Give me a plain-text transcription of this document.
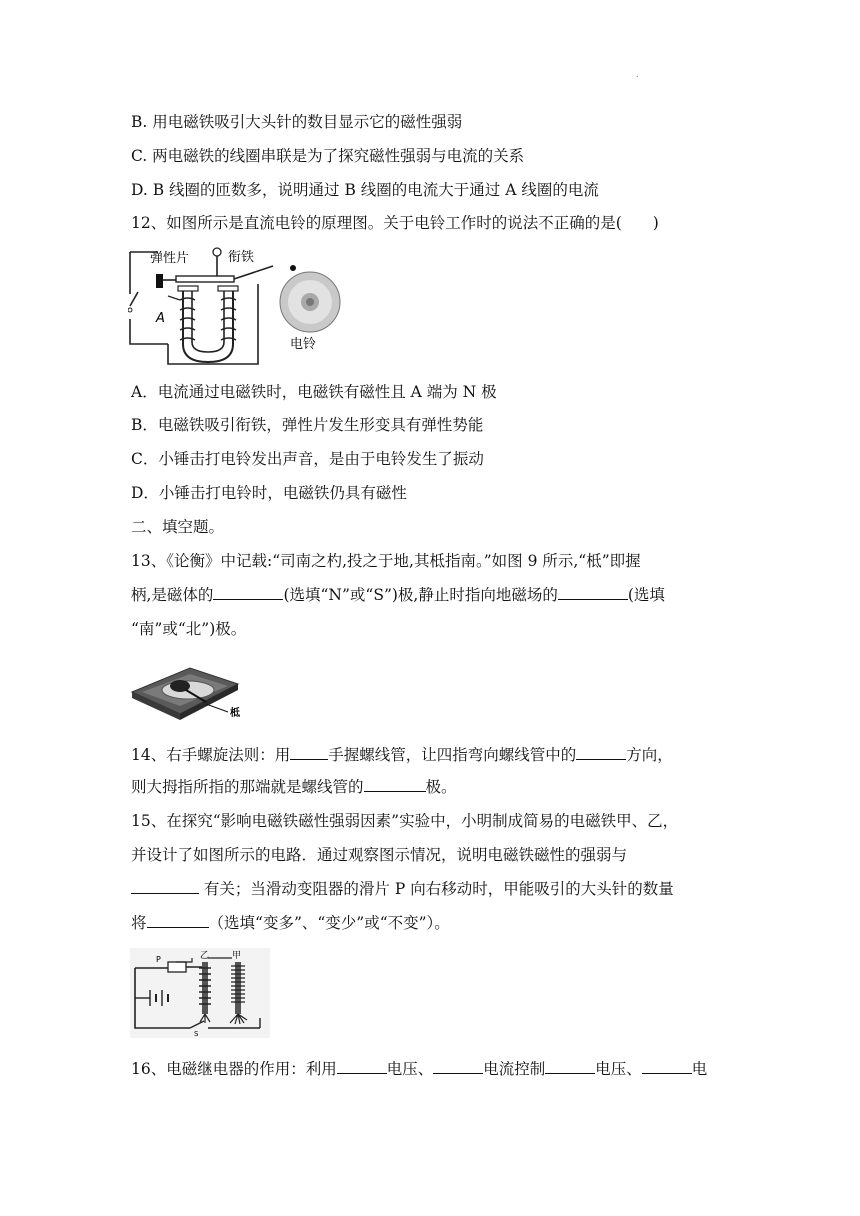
.
B. 用电磁铁吸引大头针的数目显示它的磁性强弱
C. 两电磁铁的线圈串联是为了探究磁性强弱与电流的关系
D. B 线圈的匝数多，说明通过 B 线圈的电流大于通过 A 线圈的电流
12、如图所示是直流电铃的原理图。关于电铃工作时的说法不正确的是(　　)
弹性片	衔铁
A
电铃
A．电流通过电磁铁时，电磁铁有磁性且 A 端为 N 极
B．电磁铁吸引衔铁，弹性片发生形变具有弹性势能
C．小锤击打电铃发出声音，是由于电铃发生了振动
D．小锤击打电铃时，电磁铁仍具有磁性
二、填空题。
13、《论衡》中记载:“司南之杓,投之于地,其柢指南。”如图 9 所示,“柢”即握
柄,是磁体的	(选填“N”或“S”)极,静止时指向地磁场的	(选填
“南”或“北”)极。
柢
14、右手螺旋法则：用 手握螺线管，让四指弯向螺线管中的	方向，
则大拇指所指的那端就是螺线管的	极。
15、在探究“影响电磁铁磁性强弱因素”实验中，小明制成简易的电磁铁甲、乙，
并设计了如图所示的电路．通过观察图示情况，说明电磁铁磁性的强弱与
有关；当滑动变阻器的滑片 P 向右移动时，甲能吸引的大头针的数量
将	（选填“变多”、“变少”或“不变”）。
P	乙	甲
S
16、电磁继电器的作用：利用	电压、	电流控制	电压、	电
